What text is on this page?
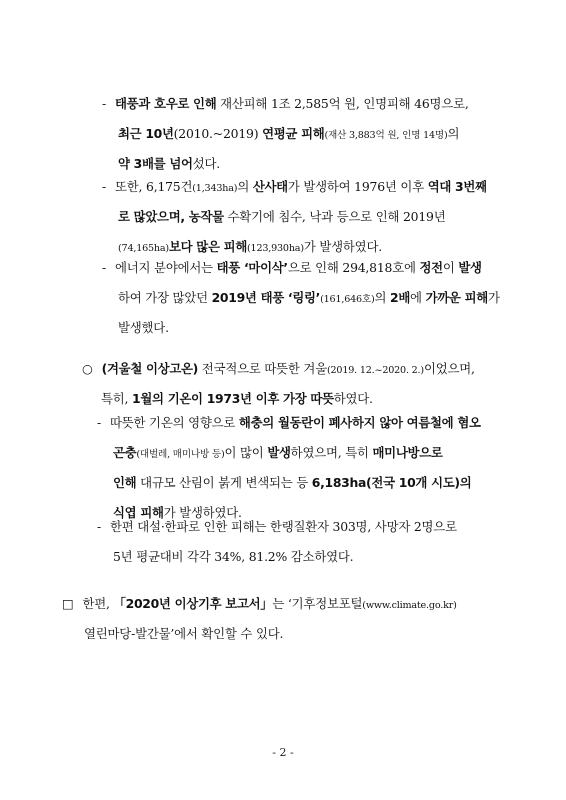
- 태풍과 호우로 인해 재산피해 1조 2,585억 원, 인명피해 46명으로,
최근 10년(2010.~2019) 연평균 피해(재산 3,883억 원, 인명 14명)의
약 3배를 넘어섰다.
- 또한, 6,175건(1,343ha)의 산사태가 발생하여 1976년 이후 역대 3번째
로 많았으며, 농작물 수확기에 침수, 낙과 등으로 인해 2019년
(74,165ha)보다 많은 피해(123,930ha)가 발생하였다.
- 에너지 분야에서는 태풍 ‘마이삭’으로 인해 294,818호에 정전이 발생
하여 가장 많았던 2019년 태풍 ‘링링’(161,646호)의 2배에 가까운 피해가
발생했다.
○ (겨울철 이상고온) 전국적으로 따뜻한 겨울(2019. 12.~2020. 2.)이었으며,
특히, 1월의 기온이 1973년 이후 가장 따뜻하였다.
- 따뜻한 기온의 영향으로 해충의 월동란이 폐사하지 않아 여름철에 혐오
곤충(대벌레, 매미나방 등)이 많이 발생하였으며, 특히 매미나방으로
인해 대규모 산림이 붉게 변색되는 등 6,183ha(전국 10개 시도)의
식엽 피해가 발생하였다.
- 한편 대설·한파로 인한 피해는 한랭질환자 303명, 사망자 2명으로
5년 평균대비 각각 34%, 81.2% 감소하였다.
□ 한편, 「2020년 이상기후 보고서」는 ‘기후정보포털(www.climate.go.kr)
열린마당-발간물’에서 확인할 수 있다.
- 2 -
